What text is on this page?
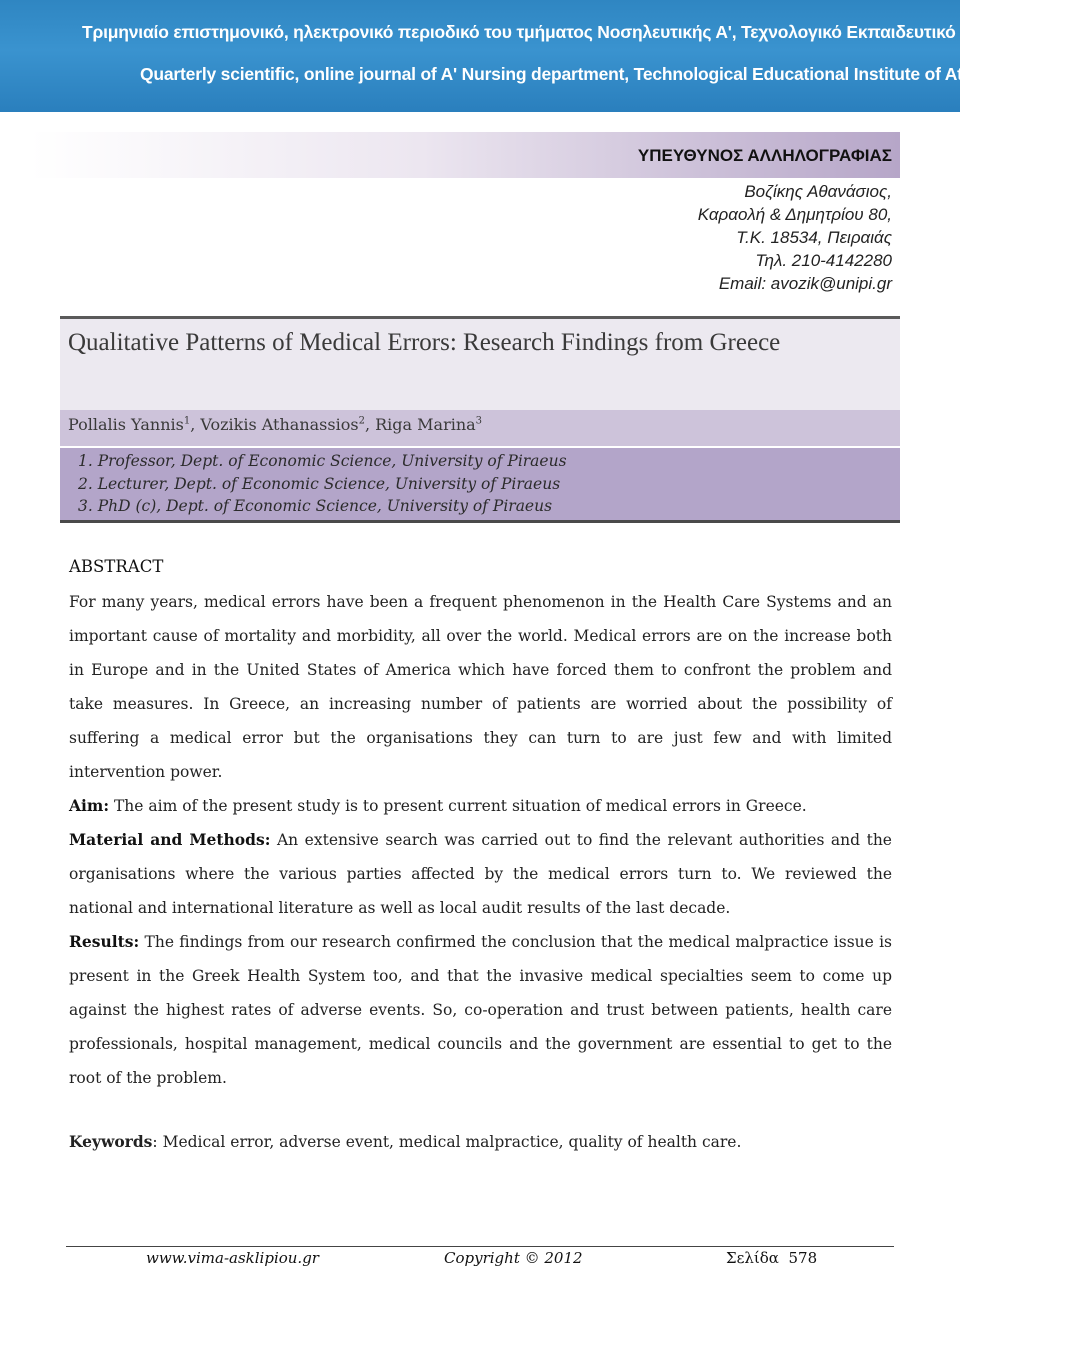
Τριμηνιαίο επιστημονικό, ηλεκτρονικό περιοδικό του τμήματος Νοσηλευτικής Α', Τεχνολογικό Εκπαιδευτικό Ίδρυμα Αθηνών
Quarterly scientific, online journal of A' Nursing department, Technological Educational Institute of Athens
ΥΠΕΥΘΥΝΟΣ ΑΛΛΗΛΟΓΡΑΦΙΑΣ
Βοζίκης Αθανάσιος,
Καραολή & Δημητρίου 80,
Τ.Κ. 18534, Πειραιάς
Τηλ. 210-4142280
Email: avozik@unipi.gr
Qualitative Patterns of Medical Errors: Research Findings from Greece
Pollalis Yannis$^1$, Vozikis Athanassios$^2$, Riga Marina$^3$
1. Professor, Dept. of Economic Science, University of Piraeus
2. Lecturer, Dept. of Economic Science, University of Piraeus
3. PhD (c), Dept. of Economic Science, University of Piraeus
ABSTRACT

For many years, medical errors have been a frequent phenomenon in the Health Care Systems and an important cause of mortality and morbidity, all over the world. Medical errors are on the increase both in Europe and in the United States of America which have forced them to confront the problem and take measures. In Greece, an increasing number of patients are worried about the possibility of suffering a medical error but the organisations they can turn to are just few and with limited intervention power.

Aim: The aim of the present study is to present current situation of medical errors in Greece.

Material and Methods: An extensive search was carried out to find the relevant authorities and the organisations where the various parties affected by the medical errors turn to. We reviewed the national and international literature as well as local audit results of the last decade.

Results: The findings from our research confirmed the conclusion that the medical malpractice issue is present in the Greek Health System too, and that the invasive medical specialties seem to come up against the highest rates of adverse events. So, co-operation and trust between patients, health care professionals, hospital management, medical councils and the government are essential to get to the root of the problem.

Keywords: Medical error, adverse event, medical malpractice, quality of health care.
www.vima-asklipiou.gr	Copyright © 2012	Σελίδα 578
